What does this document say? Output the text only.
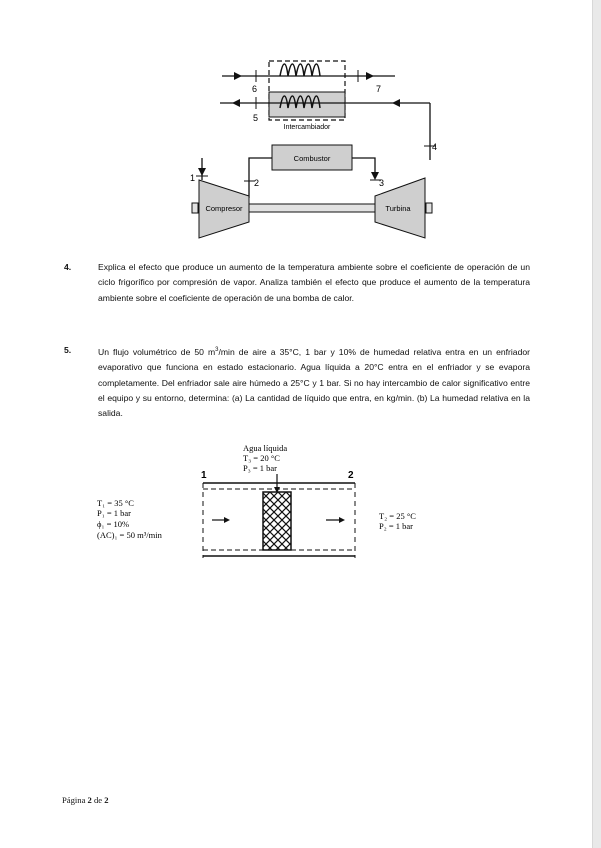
6	7
5
Intercambiador
4
Combustor
2	3
1
Compresor	Turbina
4.	Explica el efecto que produce un aumento de la temperatura ambiente sobre el coeficiente de operación de un ciclo frigorífico por compresión de vapor. Analiza también el efecto que produce el aumento de la temperatura ambiente sobre el coeficiente de operación de una bomba de calor.
5.	Un flujo volumétrico de 50 $m^3/\min$ de aire a 35°C, 1 bar y 10% de humedad relativa entra en un enfriador evaporativo que funciona en estado estacionario. Agua líquida a 20°C entra en el enfriador y se evapora completamente. Del enfriador sale aire húmedo a 25°C y 1 bar. Si no hay intercambio de calor significativo entre el equipo y su entorno, determina: (a) La cantidad de líquido que entra, en kg/min. (b) La humedad relativa en la salida.
Agua líquida
T₃ = 20 °C
P₃ = 1 bar
1	2
T₁ = 35 °C
P₁ = 1 bar
ϕ₁ = 10%
(AC)₁ = 50 m³/min
T₂ = 25 °C
P₂ = 1 bar
Página 2 de 2
